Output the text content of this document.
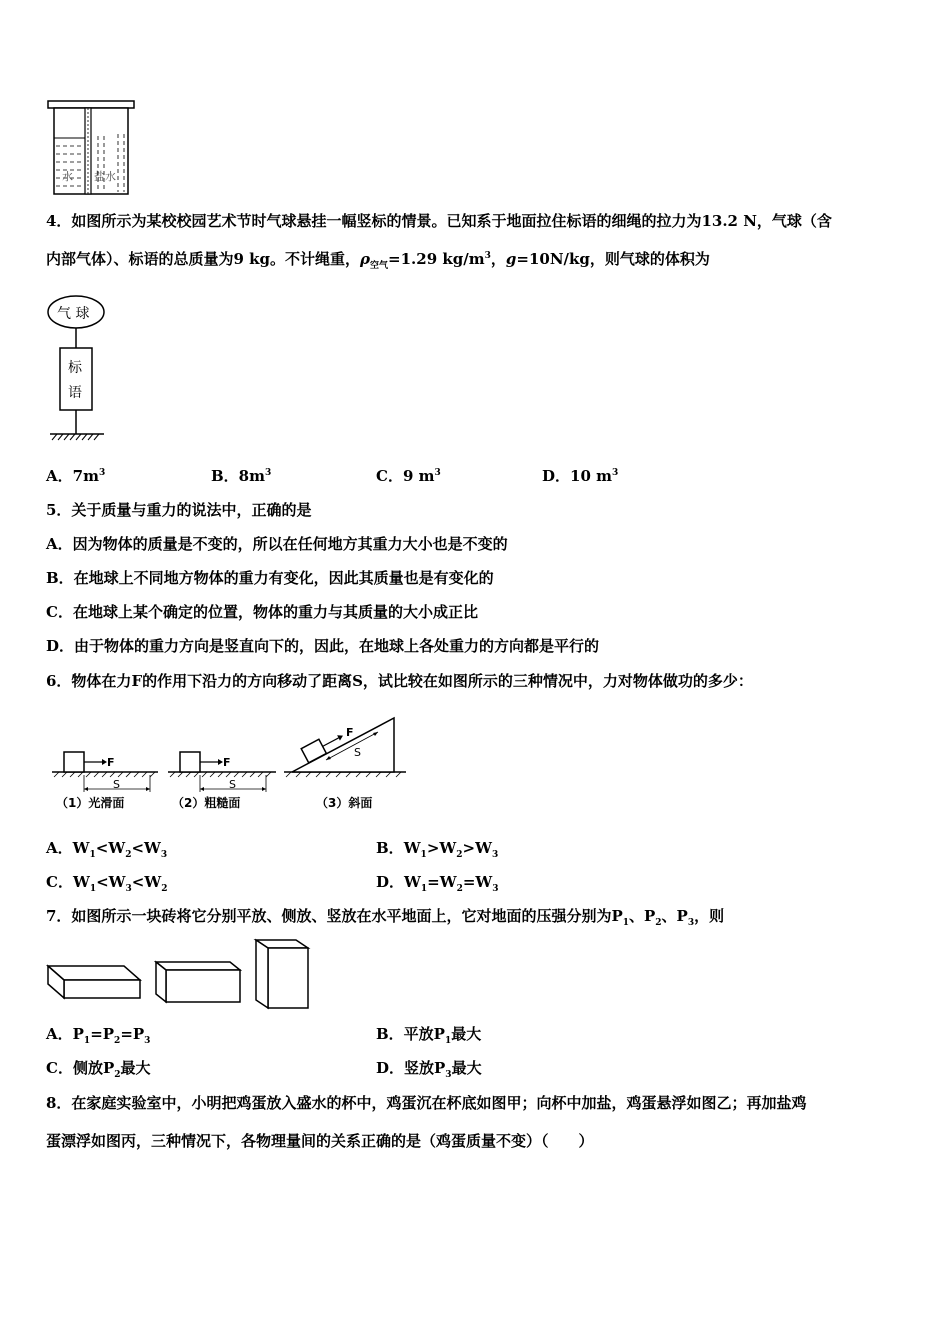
水 盐水
4．如图所示为某校校园艺术节时气球悬挂一幅竖标的情景。已知系于地面拉住标语的细绳的拉力为13.2 N，气球（含
内部气体）、标语的总质量为9 kg。不计绳重，$\rho_{空气}=1.29$ $kg/m^3$，g=10N/kg，则气球的体积为
气 球
标
语
A．$7m^3$	B．$8m^3$	C．9 $m^3$	D．10 $m^3$
5．关于质量与重力的说法中，正确的是
A．因为物体的质量是不变的，所以在任何地方其重力大小也是不变的
B．在地球上不同地方物体的重力有变化，因此其质量也是有变化的
C．在地球上某个确定的位置，物体的重力与其质量的大小成正比
D．由于物体的重力方向是竖直向下的，因此，在地球上各处重力的方向都是平行的
6．物体在力F的作用下沿力的方向移动了距离S，试比较在如图所示的三种情况中，力对物体做功的多少：
F
S
（1）光滑面
F
S
（2）粗糙面
F
S
（3）斜面
A．$W_1<W_2<W_3$	B．$W_1>W_2>W_3$
C．$W_1<W_3<W_2$	D．$W_1=W_2=W_3$
7．如图所示一块砖将它分别平放、侧放、竖放在水平地面上，它对地面的压强分别为$P_1$、$P_2$、$P_3$，则
A．$P_1=P_2=P_3$	B．平放$P_1$最大
C．侧放$P_2$最大	D．竖放$P_3$最大
8．在家庭实验室中，小明把鸡蛋放入盛水的杯中，鸡蛋沉在杯底如图甲；向杯中加盐，鸡蛋悬浮如图乙；再加盐鸡
蛋漂浮如图丙，三种情况下，各物理量间的关系正确的是（鸡蛋质量不变）（　　）
